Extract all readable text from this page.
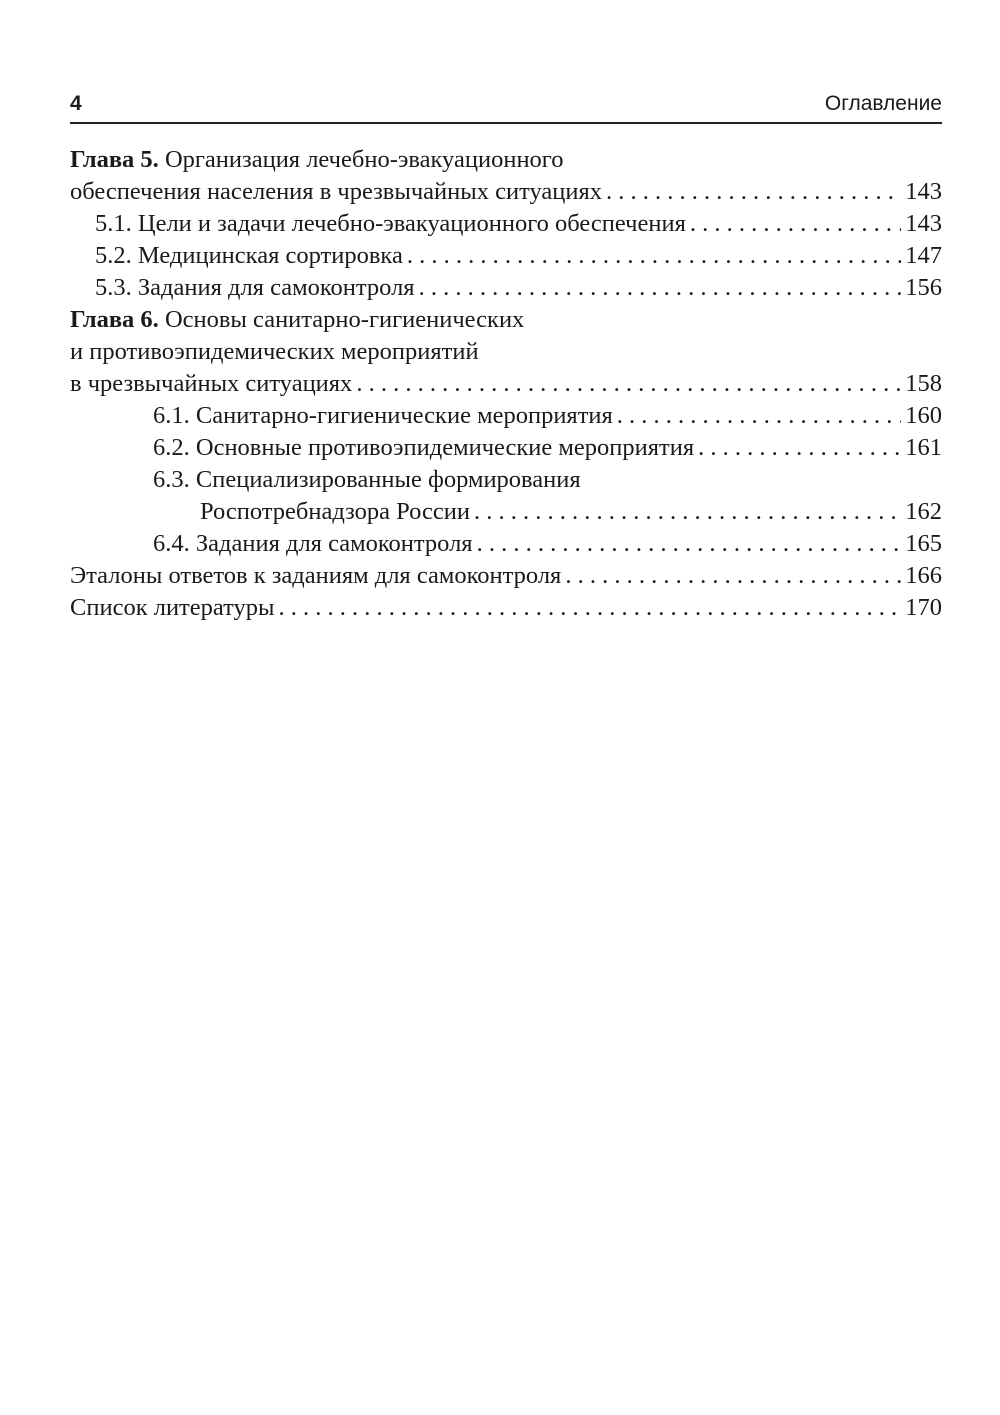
4	Оглавление
Глава 5. Организация лечебно-эвакуационного
обеспечения населения в чрезвычайных ситуациях . . .	143
5.1. Цели и задачи лечебно-эвакуационного обеспечения . . .	143
5.2. Медицинская сортировка . . .	147
5.3. Задания для самоконтроля . . .	156
Глава 6. Основы санитарно-гигиенических
и противоэпидемических мероприятий
в чрезвычайных ситуациях . . .	158
6.1. Санитарно-гигиенические мероприятия . . .	160
6.2. Основные противоэпидемические мероприятия . . .	161
6.3. Специализированные формирования
Роспотребнадзора России . . .	162
6.4. Задания для самоконтроля . . .	165
Эталоны ответов к заданиям для самоконтроля . . .	166
Список литературы . . .	170
